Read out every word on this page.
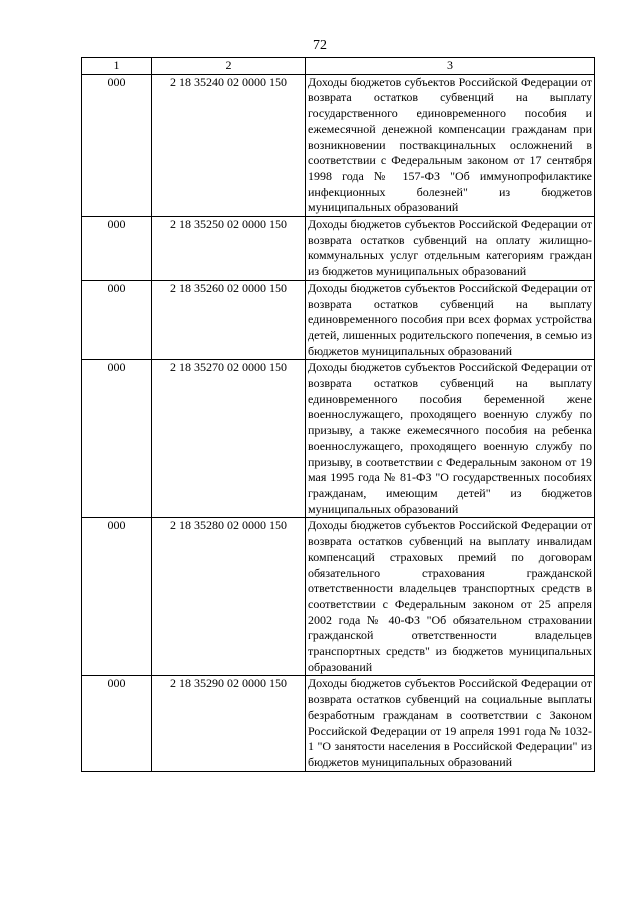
72
1	2	3
000	2 18 35240 02 0000 150	Доходы бюджетов субъектов Российской Федерации от возврата остатков субвенций на выплату государственного единовременного пособия и ежемесячной денежной компенсации гражданам при возникновении поствакцинальных осложнений в соответствии с Федеральным законом от 17 сентября 1998 года № 157-ФЗ "Об иммунопрофилактике инфекционных болезней" из бюджетов муниципальных образований
000	2 18 35250 02 0000 150	Доходы бюджетов субъектов Российской Федерации от возврата остатков субвенций на оплату жилищно-коммунальных услуг отдельным категориям граждан из бюджетов муниципальных образований
000	2 18 35260 02 0000 150	Доходы бюджетов субъектов Российской Федерации от возврата остатков субвенций на выплату единовременного пособия при всех формах устройства детей, лишенных родительского попечения, в семью из бюджетов муниципальных образований
000	2 18 35270 02 0000 150	Доходы бюджетов субъектов Российской Федерации от возврата остатков субвенций на выплату единовременного пособия беременной жене военнослужащего, проходящего военную службу по призыву, а также ежемесячного пособия на ребенка военнослужащего, проходящего военную службу по призыву, в соответствии с Федеральным законом от 19 мая 1995 года № 81-ФЗ "О государственных пособиях гражданам, имеющим детей" из бюджетов муниципальных образований
000	2 18 35280 02 0000 150	Доходы бюджетов субъектов Российской Федерации от возврата остатков субвенций на выплату инвалидам компенсаций страховых премий по договорам обязательного страхования гражданской ответственности владельцев транспортных средств в соответствии с Федеральным законом от 25 апреля 2002 года № 40-ФЗ "Об обязательном страховании гражданской ответственности владельцев транспортных средств" из бюджетов муниципальных образований
000	2 18 35290 02 0000 150	Доходы бюджетов субъектов Российской Федерации от возврата остатков субвенций на социальные выплаты безработным гражданам в соответствии с Законом Российской Федерации от 19 апреля 1991 года № 1032-1 "О занятости населения в Российской Федерации" из бюджетов муниципальных образований
